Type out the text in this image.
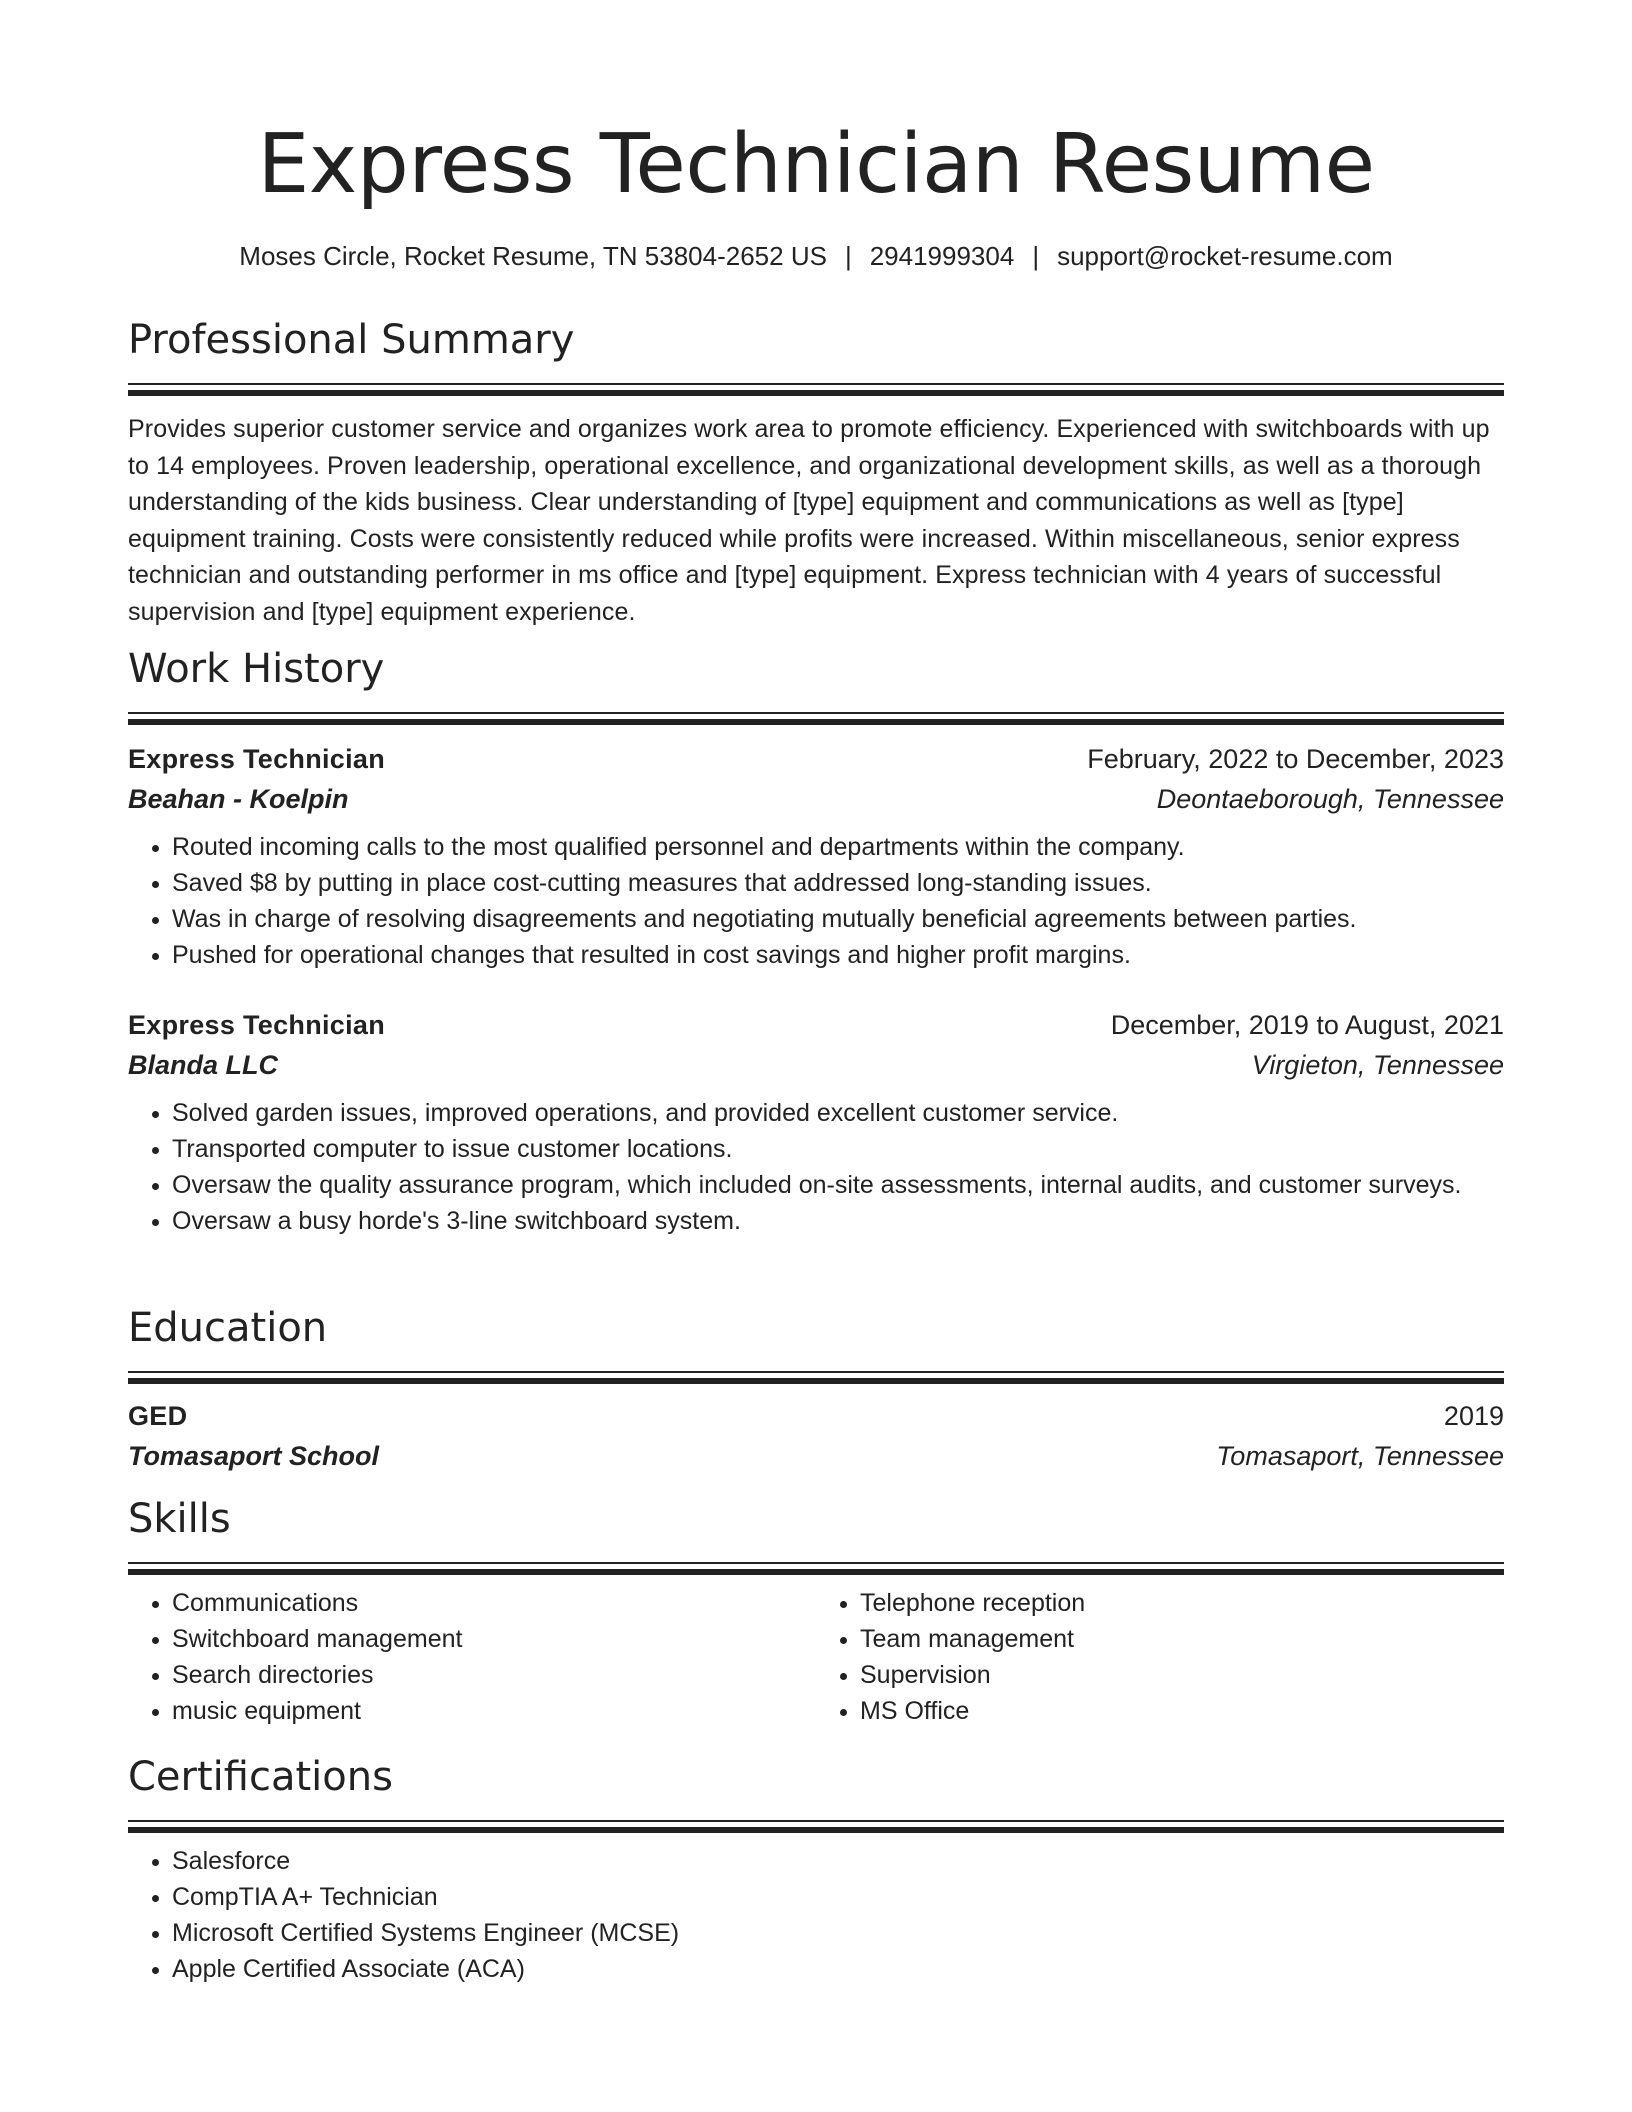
Express Technician Resume
Moses Circle, Rocket Resume, TN 53804-2652 US | 2941999304 | support@rocket-resume.com
Professional Summary
Provides superior customer service and organizes work area to promote efficiency. Experienced with switchboards with up to 14 employees. Proven leadership, operational excellence, and organizational development skills, as well as a thorough understanding of the kids business. Clear understanding of [type] equipment and communications as well as [type] equipment training. Costs were consistently reduced while profits were increased. Within miscellaneous, senior express technician and outstanding performer in ms office and [type] equipment. Express technician with 4 years of successful supervision and [type] equipment experience.
Work History
Express Technician	February, 2022 to December, 2023
Beahan - Koelpin	Deontaeborough, Tennessee
• Routed incoming calls to the most qualified personnel and departments within the company.
• Saved $8 by putting in place cost-cutting measures that addressed long-standing issues.
• Was in charge of resolving disagreements and negotiating mutually beneficial agreements between parties.
• Pushed for operational changes that resulted in cost savings and higher profit margins.
Express Technician	December, 2019 to August, 2021
Blanda LLC	Virgieton, Tennessee
• Solved garden issues, improved operations, and provided excellent customer service.
• Transported computer to issue customer locations.
• Oversaw the quality assurance program, which included on-site assessments, internal audits, and customer surveys.
• Oversaw a busy horde's 3-line switchboard system.
Education
GED	2019
Tomasaport School	Tomasaport, Tennessee
Skills
• Communications
• Switchboard management
• Search directories
• music equipment
• Telephone reception
• Team management
• Supervision
• MS Office
Certifications
• Salesforce
• CompTIA A+ Technician
• Microsoft Certified Systems Engineer (MCSE)
• Apple Certified Associate (ACA)
